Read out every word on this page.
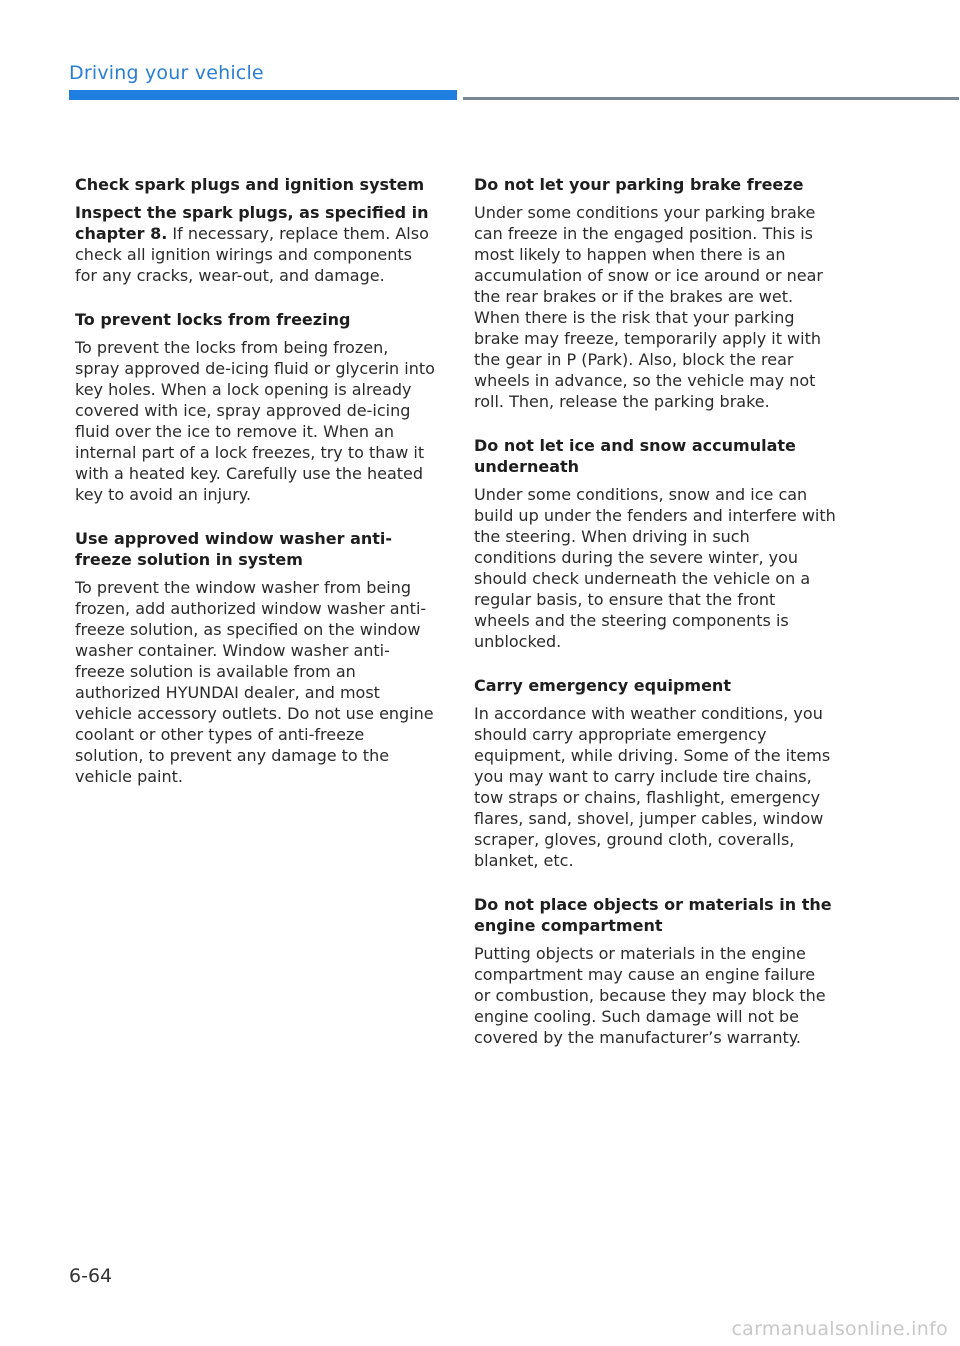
Driving your vehicle

Check spark plugs and ignition system

Inspect the spark plugs, as specified in chapter 8. If necessary, replace them. Also check all ignition wirings and components for any cracks, wear-out, and damage.

To prevent locks from freezing

To prevent the locks from being frozen, spray approved de-icing fluid or glycerin into key holes. When a lock opening is already covered with ice, spray approved de-icing fluid over the ice to remove it. When an internal part of a lock freezes, try to thaw it with a heated key. Carefully use the heated key to avoid an injury.

Use approved window washer anti-freeze solution in system

To prevent the window washer from being frozen, add authorized window washer anti-freeze solution, as specified on the window washer container. Window washer anti-freeze solution is available from an authorized HYUNDAI dealer, and most vehicle accessory outlets. Do not use engine coolant or other types of anti-freeze solution, to prevent any damage to the vehicle paint.

Do not let your parking brake freeze

Under some conditions your parking brake can freeze in the engaged position. This is most likely to happen when there is an accumulation of snow or ice around or near the rear brakes or if the brakes are wet. When there is the risk that your parking brake may freeze, temporarily apply it with the gear in P (Park). Also, block the rear wheels in advance, so the vehicle may not roll. Then, release the parking brake.

Do not let ice and snow accumulate underneath

Under some conditions, snow and ice can build up under the fenders and interfere with the steering. When driving in such conditions during the severe winter, you should check underneath the vehicle on a regular basis, to ensure that the front wheels and the steering components is unblocked.

Carry emergency equipment

In accordance with weather conditions, you should carry appropriate emergency equipment, while driving. Some of the items you may want to carry include tire chains, tow straps or chains, flashlight, emergency flares, sand, shovel, jumper cables, window scraper, gloves, ground cloth, coveralls, blanket, etc.

Do not place objects or materials in the engine compartment

Putting objects or materials in the engine compartment may cause an engine failure or combustion, because they may block the engine cooling. Such damage will not be covered by the manufacturer’s warranty.

6-64
carmanualsonline.info
